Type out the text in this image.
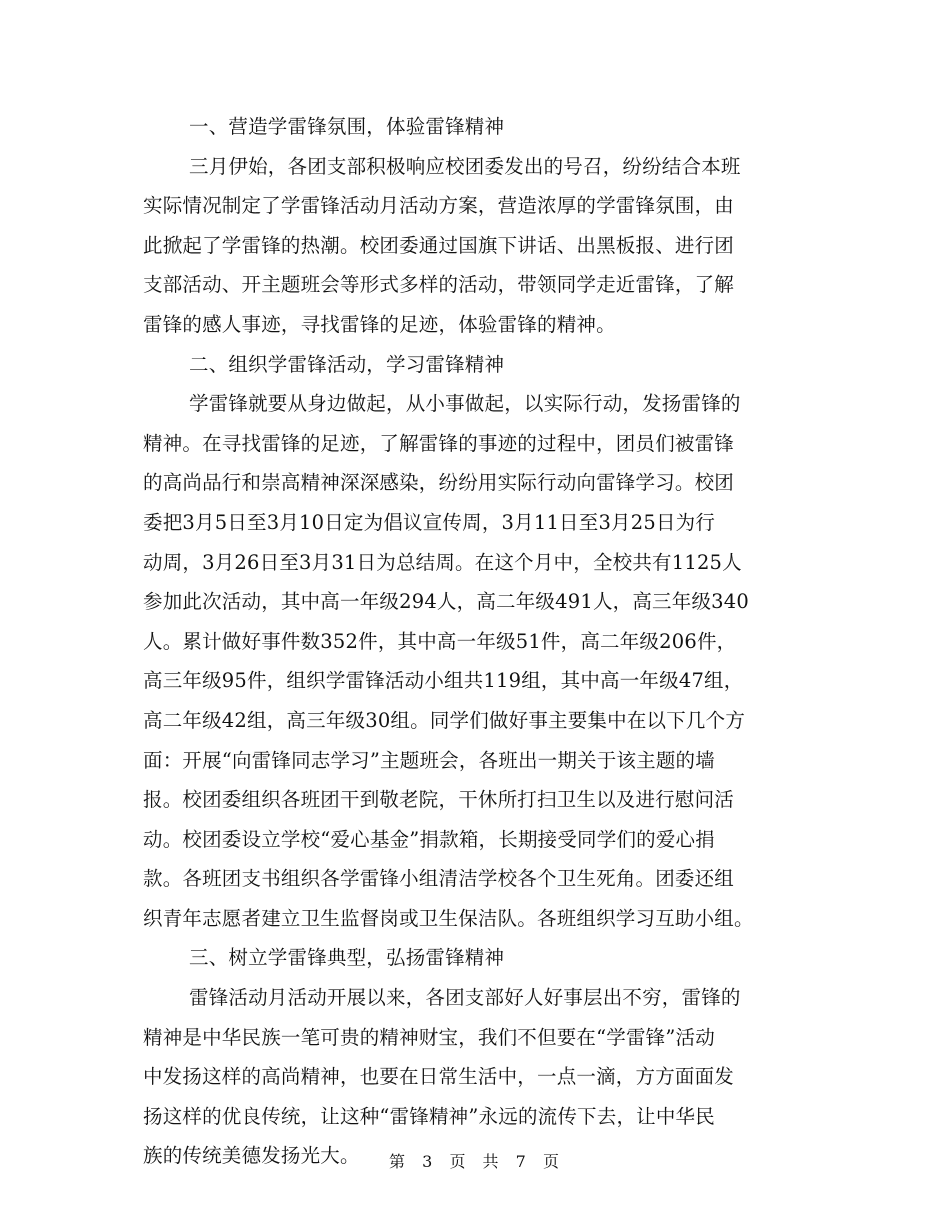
一、营造学雷锋氛围，体验雷锋精神
三月伊始，各团支部积极响应校团委发出的号召，纷纷结合本班
实际情况制定了学雷锋活动月活动方案，营造浓厚的学雷锋氛围，由
此掀起了学雷锋的热潮。校团委通过国旗下讲话、出黑板报、进行团
支部活动、开主题班会等形式多样的活动，带领同学走近雷锋，了解
雷锋的感人事迹，寻找雷锋的足迹，体验雷锋的精神。
二、组织学雷锋活动，学习雷锋精神
学雷锋就要从身边做起，从小事做起，以实际行动，发扬雷锋的
精神。在寻找雷锋的足迹，了解雷锋的事迹的过程中，团员们被雷锋
的高尚品行和崇高精神深深感染，纷纷用实际行动向雷锋学习。校团
委把3月5日至3月10日定为倡议宣传周，3月11日至3月25日为行
动周，3月26日至3月31日为总结周。在这个月中，全校共有1125人
参加此次活动，其中高一年级294人，高二年级491人，高三年级340
人。累计做好事件数352件，其中高一年级51件，高二年级206件，
高三年级95件，组织学雷锋活动小组共119组，其中高一年级47组，
高二年级42组，高三年级30组。同学们做好事主要集中在以下几个方
面：开展“向雷锋同志学习”主题班会，各班出一期关于该主题的墙
报。校团委组织各班团干到敬老院，干休所打扫卫生以及进行慰问活
动。校团委设立学校“爱心基金”捐款箱，长期接受同学们的爱心捐
款。各班团支书组织各学雷锋小组清洁学校各个卫生死角。团委还组
织青年志愿者建立卫生监督岗或卫生保洁队。各班组织学习互助小组。
三、树立学雷锋典型，弘扬雷锋精神
雷锋活动月活动开展以来，各团支部好人好事层出不穷，雷锋的
精神是中华民族一笔可贵的精神财宝，我们不但要在“学雷锋”活动
中发扬这样的高尚精神，也要在日常生活中，一点一滴，方方面面发
扬这样的优良传统，让这种“雷锋精神”永远的流传下去，让中华民
族的传统美德发扬光大。	第 3 页 共 7 页
